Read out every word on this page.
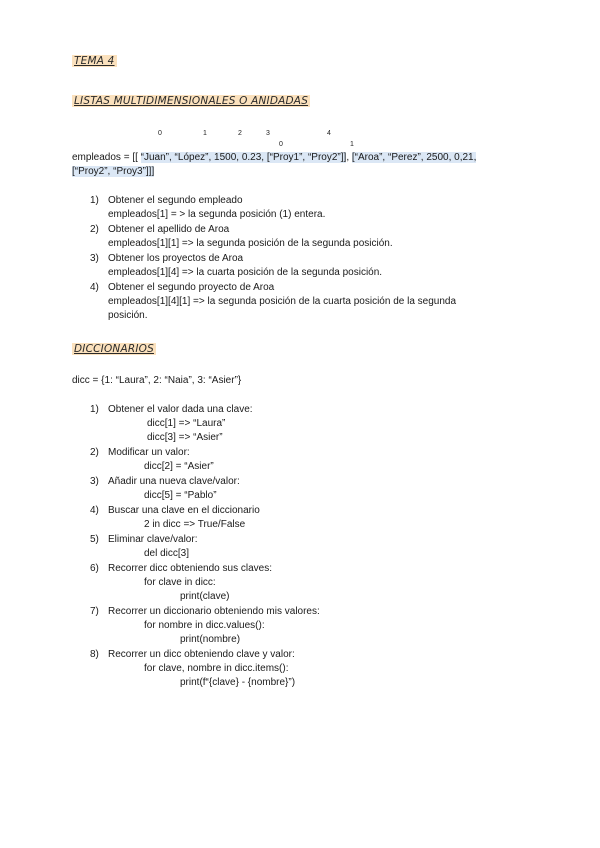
TEMA 4
LISTAS MULTIDIMENSIONALES O ANIDADAS
0	1	2	3	4
0	1
empleados = [[ “Juan”, “López”, 1500, 0.23, [“Proy1”, “Proy2”]], [“Aroa”, “Perez”, 2500, 0,21,
[“Proy2”, “Proy3”]]]
1) Obtener el segundo empleado
empleados[1] = > la segunda posición (1) entera.
2) Obtener el apellido de Aroa
empleados[1][1] => la segunda posición de la segunda posición.
3) Obtener los proyectos de Aroa
empleados[1][4] => la cuarta posición de la segunda posición.
4) Obtener el segundo proyecto de Aroa
empleados[1][4][1] => la segunda posición de la cuarta posición de la segunda
posición.
DICCIONARIOS
dicc = {1: “Laura”, 2: “Naia”, 3: “Asier”}
1) Obtener el valor dada una clave:
dicc[1] => “Laura”
dicc[3] => “Asier”
2) Modificar un valor:
dicc[2] = “Asier”
3) Añadir una nueva clave/valor:
dicc[5] = “Pablo”
4) Buscar una clave en el diccionario
2 in dicc => True/False
5) Eliminar clave/valor:
del dicc[3]
6) Recorrer dicc obteniendo sus claves:
for clave in dicc:
print(clave)
7) Recorrer un diccionario obteniendo mis valores:
for nombre in dicc.values():
print(nombre)
8) Recorrer un dicc obteniendo clave y valor:
for clave, nombre in dicc.items():
print(f“{clave} - {nombre}”)
